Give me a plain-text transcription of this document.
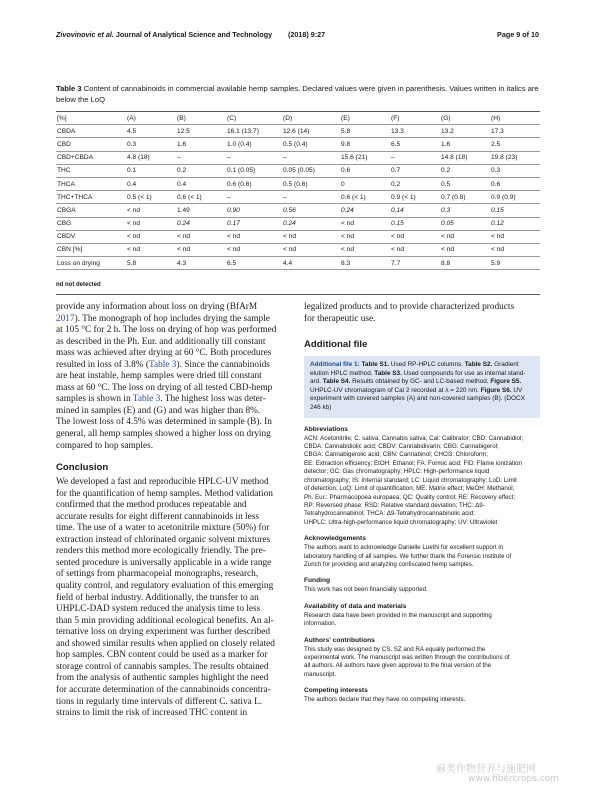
Zivovinovic et al. Journal of Analytical Science and Technology (2018) 9:27	Page 9 of 10
Table 3 Content of cannabinoids in commercial available hemp samples. Declared values were given in parenthesis. Values written in italics are below the LoQ
[%]	(A)	(B)	(C)	(D)	(E)	(F)	(G)	(H)
CBDA	4.5	12.5	16.1 (13.7)	12.6 (14)	5.8	13.3	13.2	17.3
CBD	0.3	1.6	1.0 (0.4)	0.5 (0.4)	9.8	6.5	1.6	2.5
CBD+CBDA	4.8 (18)	–	–	–	15.6 (21)	–	14.8 (18)	19.8 (23)
THC	0.1	0.2	0.1 (0.05)	0.05 (0.05)	0.6	0.7	0.2	0.3
THCA	0.4	0.4	0.6 (0.6)	0.5 (0.6)	0	0.2	0.5	0.6
THC+THCA	0.5 (< 1)	0.6 (< 1)	–	–	0.6 (< 1)	0.9 (< 1)	0.7 (0.8)	0.9 (0.9)
CBGA	< nd	1.49	0.90	0.56	0.24	0.14	0.3	0.15
CBG	< nd	0.24	0.17	0.24	< nd	0.15	0.05	0.12
CBDV	< nd	< nd	< nd	< nd	< nd	< nd	< nd	< nd
CBN [%]	< nd	< nd	< nd	< nd	< nd	< nd	< nd	< nd
Loss on drying	5.8	4.3	6.5	4.4	8.3	7.7	8.8	5.9
nd not detected

provide any information about loss on drying (BfArM
2017). The monograph of hop includes drying the sample
at 105 °C for 2 h. The loss on drying of hop was performed
as described in the Ph. Eur. and additionally till constant
mass was achieved after drying at 60 °C. Both procedures
resulted in loss of 3.8% (Table 3). Since the cannabinoids
are heat instable, hemp samples were dried till constant
mass at 60 °C. The loss on drying of all tested CBD-hemp
samples is shown in Table 3. The highest loss was deter-
mined in samples (E) and (G) and was higher than 8%.
The lowest loss of 4.5% was determined in sample (B). In
general, all hemp samples showed a higher loss on drying
compared to hop samples.

Conclusion

We developed a fast and reproducible HPLC-UV method
for the quantification of hemp samples. Method validation
confirmed that the method produces repeatable and
accurate results for eight different cannabinoids in less
time. The use of a water to acetonitrile mixture (50%) for
extraction instead of chlorinated organic solvent mixtures
renders this method more ecologically friendly. The pre-
sented procedure is universally applicable in a wide range
of settings from pharmacopeial monographs, research,
quality control, and regulatory evaluation of this emerging
field of herbal industry. Additionally, the transfer to an
UHPLC-DAD system reduced the analysis time to less
than 5 min providing additional ecological benefits. An al-
ternative loss on drying experiment was further described
and showed similar results when applied on closely related
hop samples. CBN content could be used as a marker for
storage control of cannabis samples. The results obtained
from the analysis of authentic samples highlight the need
for accurate determination of the cannabinoids concentra-
tions in regularly time intervals of different C. sativa L.
strains to limit the risk of increased THC content in

legalized products and to provide characterized products
for therapeutic use.

Additional file
Additional file 1: Table S1. Used RP-HPLC columns. Table S2. Gradient
elution HPLC method. Table S3. Used compounds for use as internal stand-
ard. Table S4. Results obtained by GC- and LC-based method. Figure S5.
UHPLC-UV chromatogram of Cal 2 recorded at λ = 220 nm. Figure S6. UV
experiment with covered samples (A) and non-covered samples (B). (DOCX
246 kb)
Abbreviations
ACN: Acetonitrile; C. sativa: Cannabis sativa; Cal: Calibrator; CBD: Cannabidiol;
CBDA: Cannabidiolic acid; CBDV: Cannabidivarin; CBG: Cannabigerol;
CBGA: Cannabigerolic acid; CBN: Cannabinol; CHCl3: Chloroform;
EE: Extraction efficiency; EtOH: Ethanol; FA: Formic acid; FID: Flame ionization
detector; GC: Gas chromatography; HPLC: High-performance liquid
chromatography; IS: Internal standard; LC: Liquid chromatography; LoD: Limit
of detection; LoQ: Limit of quantification; ME: Matrix effect; MeOH: Methanol;
Ph. Eur.: Pharmacopoea europaea; QC: Quality control; RE: Recovery effect;
RP: Reversed phase; RSD: Relative standard deviation; THC: Δ9-
Tetrahydrocannabinol; THCA: Δ9-Tetrahydrocannabinolic acid;
UHPLC: Ultra-high-performance liquid chromatography; UV: Ultraviolet
Acknowledgements
The authors want to acknowledge Danielle Luethi for excellent support in
laboratory handling of all samples. We further thank the Forensic Institute of
Zurich for providing and analyzing confiscated hemp samples.
Funding
This work has not been financially supported.
Availability of data and materials
Research data have been provided in the manuscript and supporting
information.
Authors' contributions
This study was designed by CS. SZ and RA equally performed the
experimental work. The manuscript was written through the contributions of
all authors. All authors have given approval to the final version of the
manuscript.
Competing interests
The authors declare that they have no competing interests.
麻类作物营养与施肥网
www.fibercrops.com
